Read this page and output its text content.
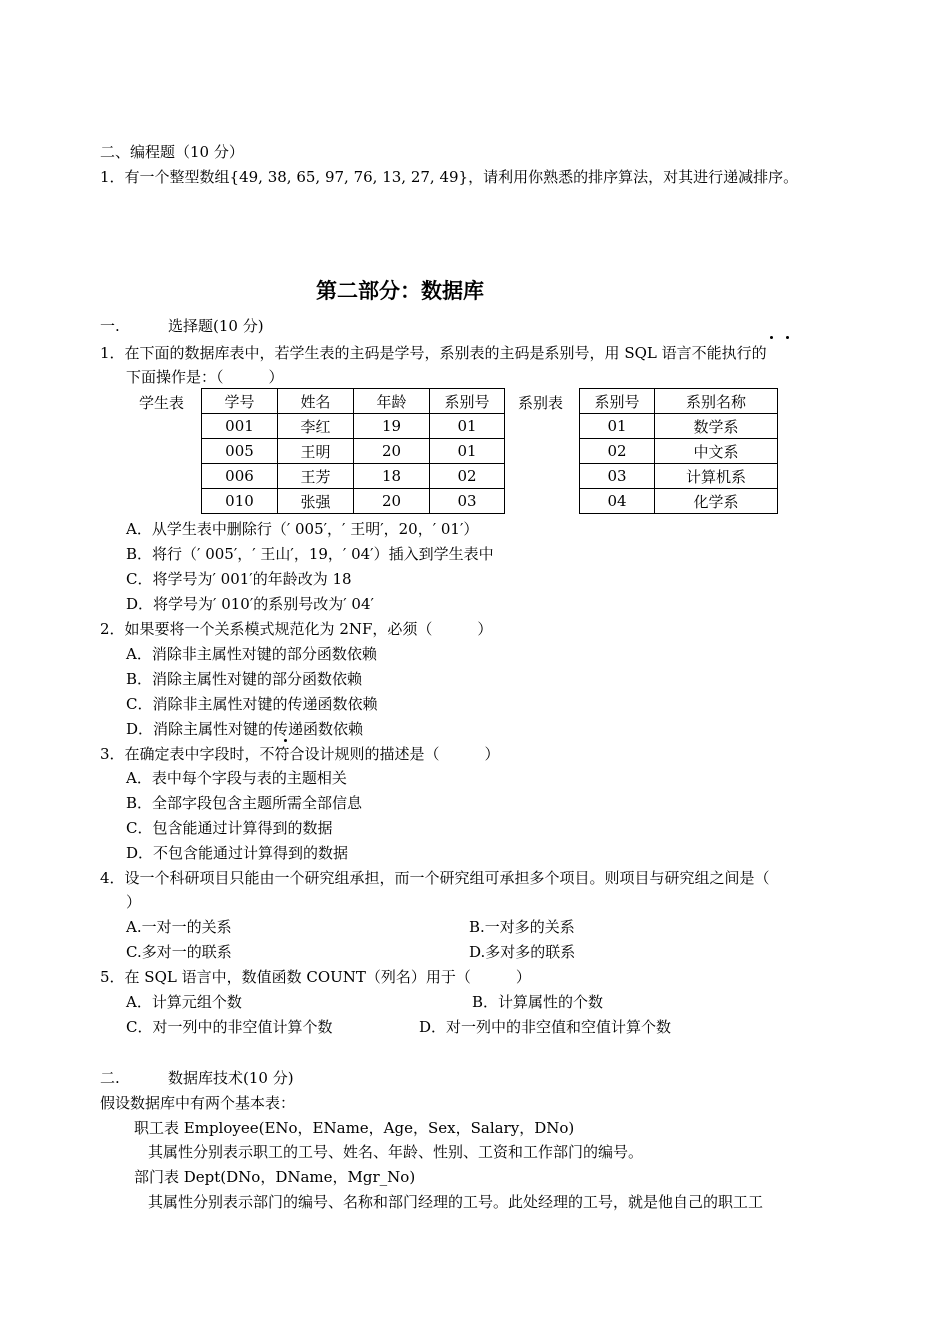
二、编程题（10 分）
1．有一个整型数组{49, 38, 65, 97, 76, 13, 27, 49}，请利用你熟悉的排序算法，对其进行递减排序。
第二部分：数据库
一.	选择题(10 分)
1．在下面的数据库表中，若学生表的主码是学号，系别表的主码是系别号，用 SQL 语言不能执行的
下面操作是：（　　　）
学生表	系别表
学号	姓名	年龄	系别号
001	李红	19	01
005	王明	20	01
006	王芳	18	02
010	张强	20	03
系别号	系别名称
01	数学系
02	中文系
03	计算机系
04	化学系
A．从学生表中删除行（′ 005′，′ 王明′，20，′ 01′）
B．将行（′ 005′，′ 王山′，19，′ 04′）插入到学生表中
C．将学号为′ 001′的年龄改为 18
D．将学号为′ 010′的系别号改为′ 04′
2．如果要将一个关系模式规范化为 2NF，必须（　　　）
A．消除非主属性对键的部分函数依赖
B．消除主属性对键的部分函数依赖
C．消除非主属性对键的传递函数依赖
D．消除主属性对键的传递函数依赖
3．在确定表中字段时，不符合设计规则的描述是（　　　）
A．表中每个字段与表的主题相关
B．全部字段包含主题所需全部信息
C．包含能通过计算得到的数据
D．不包含能通过计算得到的数据
4．设一个科研项目只能由一个研究组承担，而一个研究组可承担多个项目。则项目与研究组之间是（
）
A.一对一的关系	B.一对多的关系
C.多对一的联系	D.多对多的联系
5．在 SQL 语言中，数值函数 COUNT（列名）用于（　　　）
A．计算元组个数	B．计算属性的个数
C．对一列中的非空值计算个数	D．对一列中的非空值和空值计算个数
二.	数据库技术(10 分)
假设数据库中有两个基本表：
职工表 Employee(ENo，EName，Age，Sex，Salary，DNo)
其属性分别表示职工的工号、姓名、年龄、性别、工资和工作部门的编号。
部门表 Dept(DNo，DName，Mgr_No)
其属性分别表示部门的编号、名称和部门经理的工号。此处经理的工号，就是他自己的职工工
